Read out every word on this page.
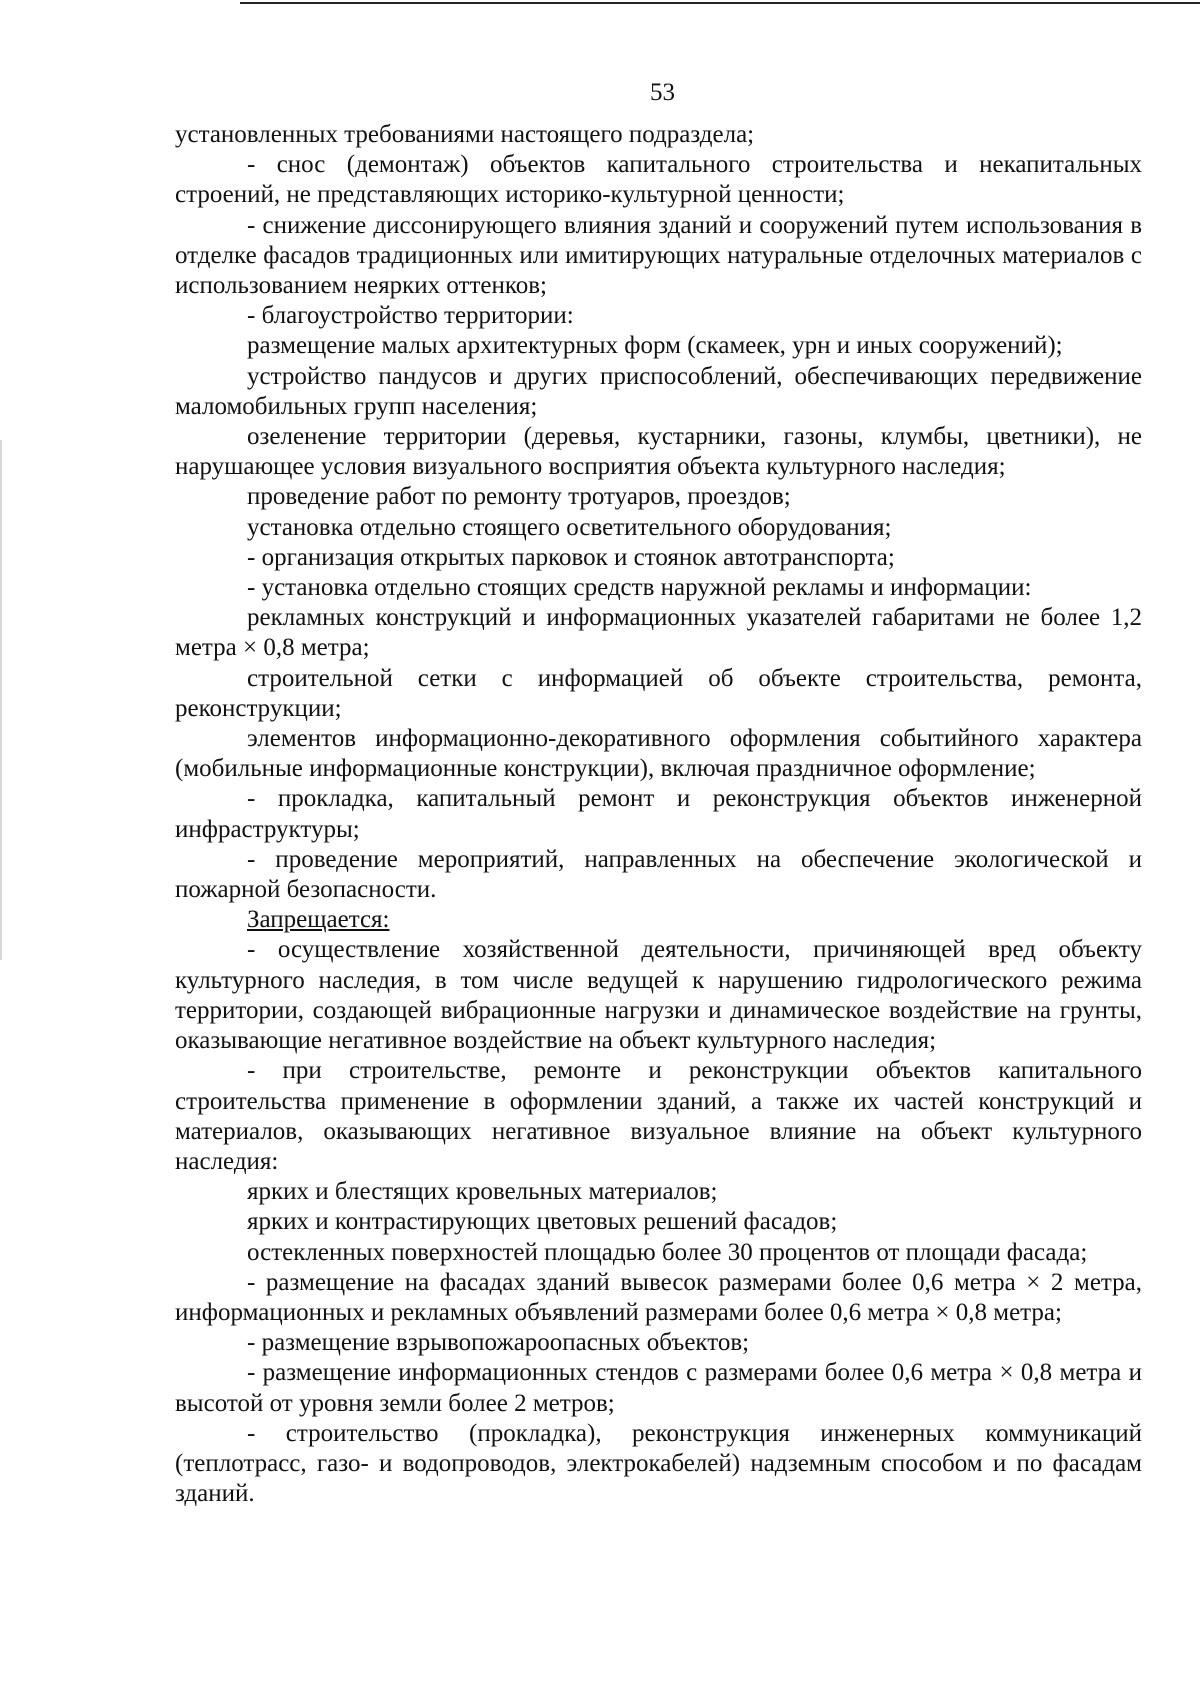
53

установленных требованиями настоящего подраздела;

- снос (демонтаж) объектов капитального строительства и некапитальных строений, не представляющих историко-культурной ценности;

- снижение диссонирующего влияния зданий и сооружений путем использования в отделке фасадов традиционных или имитирующих натуральные отделочных материалов с использованием неярких оттенков;

- благоустройство территории:

размещение малых архитектурных форм (скамеек, урн и иных сооружений);

устройство пандусов и других приспособлений, обеспечивающих передвижение маломобильных групп населения;

озеленение территории (деревья, кустарники, газоны, клумбы, цветники), не нарушающее условия визуального восприятия объекта культурного наследия;

проведение работ по ремонту тротуаров, проездов;

установка отдельно стоящего осветительного оборудования;

- организация открытых парковок и стоянок автотранспорта;

- установка отдельно стоящих средств наружной рекламы и информации:

рекламных конструкций и информационных указателей габаритами не более 1,2 метра × 0,8 метра;

строительной сетки с информацией об объекте строительства, ремонта, реконструкции;

элементов информационно-декоративного оформления событийного характера (мобильные информационные конструкции), включая праздничное оформление;

- прокладка, капитальный ремонт и реконструкция объектов инженерной инфраструктуры;

- проведение мероприятий, направленных на обеспечение экологической и пожарной безопасности.

Запрещается:

- осуществление хозяйственной деятельности, причиняющей вред объекту культурного наследия, в том числе ведущей к нарушению гидрологического режима территории, создающей вибрационные нагрузки и динамическое воздействие на грунты, оказывающие негативное воздействие на объект культурного наследия;

- при строительстве, ремонте и реконструкции объектов капитального строительства применение в оформлении зданий, а также их частей конструкций и материалов, оказывающих негативное визуальное влияние на объект культурного наследия:

ярких и блестящих кровельных материалов;

ярких и контрастирующих цветовых решений фасадов;

остекленных поверхностей площадью более 30 процентов от площади фасада;

- размещение на фасадах зданий вывесок размерами более 0,6 метра × 2 метра, информационных и рекламных объявлений размерами более 0,6 метра × 0,8 метра;

- размещение взрывопожароопасных объектов;

- размещение информационных стендов с размерами более 0,6 метра × 0,8 метра и высотой от уровня земли более 2 метров;

- строительство (прокладка), реконструкция инженерных коммуникаций (теплотрасс, газо- и водопроводов, электрокабелей) надземным способом и по фасадам зданий.
